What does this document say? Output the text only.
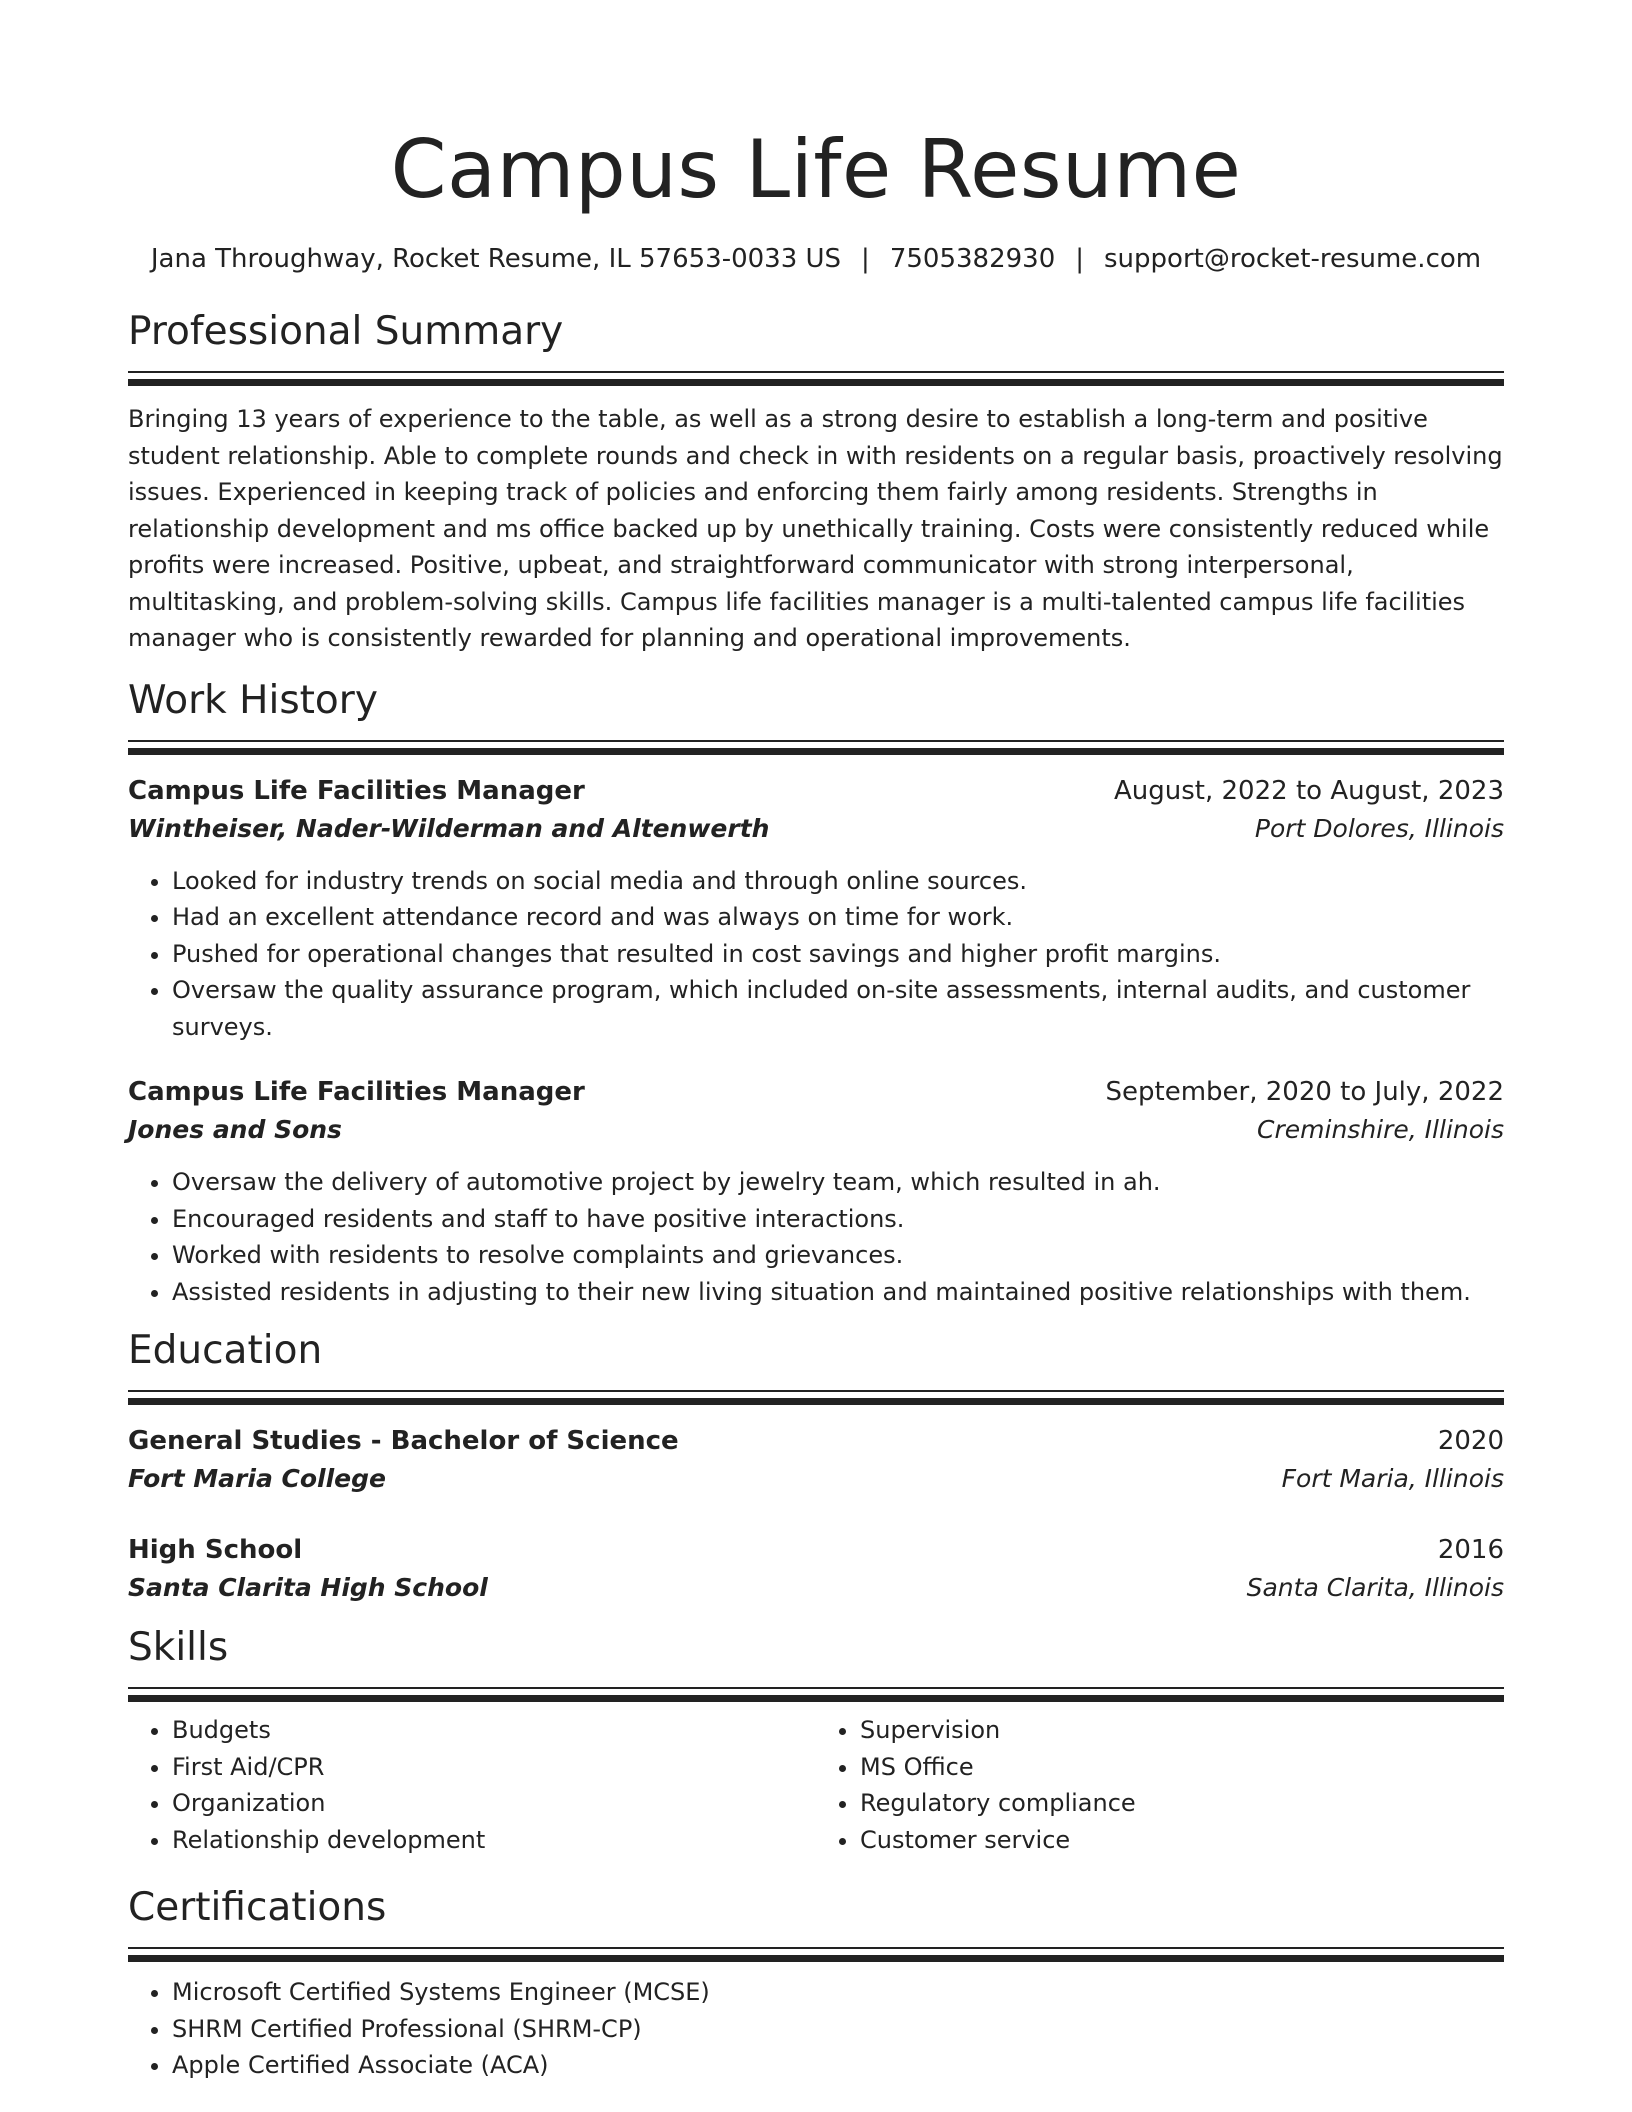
Campus Life Resume
Jana Throughway, Rocket Resume, IL 57653-0033 US | 7505382930 | support@rocket-resume.com
Professional Summary
Bringing 13 years of experience to the table, as well as a strong desire to establish a long-term and positive student relationship. Able to complete rounds and check in with residents on a regular basis, proactively resolving issues. Experienced in keeping track of policies and enforcing them fairly among residents. Strengths in relationship development and ms office backed up by unethically training. Costs were consistently reduced while profits were increased. Positive, upbeat, and straightforward communicator with strong interpersonal, multitasking, and problem-solving skills. Campus life facilities manager is a multi-talented campus life facilities manager who is consistently rewarded for planning and operational improvements.
Work History
Campus Life Facilities Manager	August, 2022 to August, 2023
Wintheiser, Nader-Wilderman and Altenwerth	Port Dolores, Illinois
• Looked for industry trends on social media and through online sources.
• Had an excellent attendance record and was always on time for work.
• Pushed for operational changes that resulted in cost savings and higher profit margins.
• Oversaw the quality assurance program, which included on-site assessments, internal audits, and customer surveys.
Campus Life Facilities Manager	September, 2020 to July, 2022
Jones and Sons	Creminshire, Illinois
• Oversaw the delivery of automotive project by jewelry team, which resulted in ah.
• Encouraged residents and staff to have positive interactions.
• Worked with residents to resolve complaints and grievances.
• Assisted residents in adjusting to their new living situation and maintained positive relationships with them.
Education
General Studies - Bachelor of Science	2020
Fort Maria College	Fort Maria, Illinois
High School	2016
Santa Clarita High School	Santa Clarita, Illinois
Skills
• Budgets
• First Aid/CPR
• Organization
• Relationship development
• Supervision
• MS Office
• Regulatory compliance
• Customer service
Certifications
• Microsoft Certified Systems Engineer (MCSE)
• SHRM Certified Professional (SHRM-CP)
• Apple Certified Associate (ACA)
